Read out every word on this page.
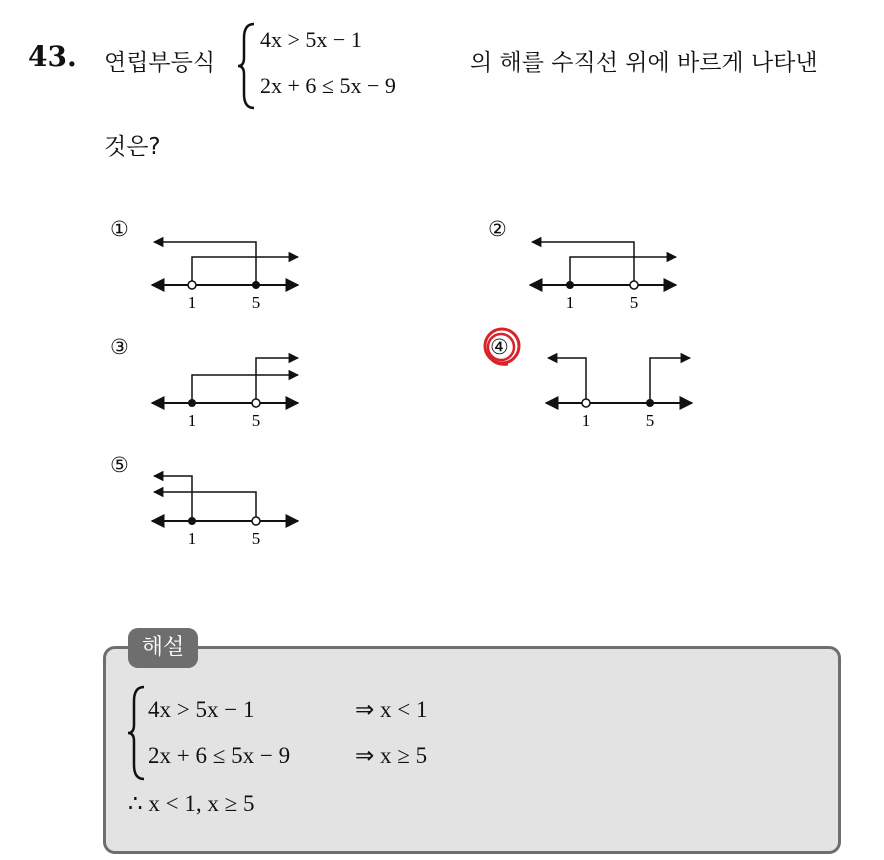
43. 연립부등식
4x > 5x − 1
2x + 6 ≤ 5x − 9
의 해를 수직선 위에 바르게 나타낸
것은?
①
1	5
②
1	5
③
1	5
④
1	5
⑤
1	5
해설
4x > 5x − 1	⇒ x < 1
2x + 6 ≤ 5x − 9	⇒ x ≥ 5
∴ x < 1, x ≥ 5
